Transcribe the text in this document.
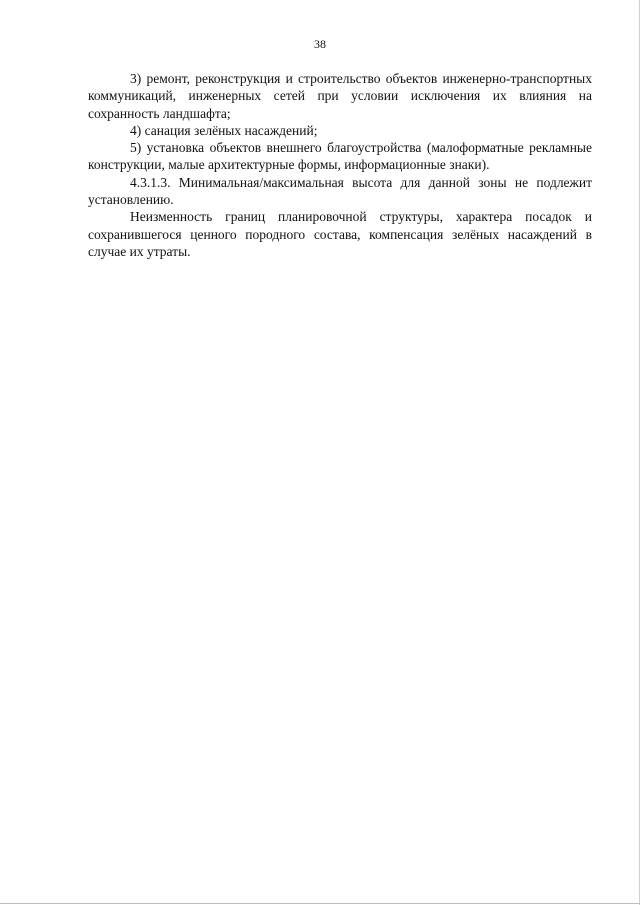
38

3) ремонт, реконструкция и строительство объектов инженерно-транспортных коммуникаций, инженерных сетей при условии исключения их влияния на сохранность ландшафта;

4) санация зелёных насаждений;

5) установка объектов внешнего благоустройства (малоформатные рекламные конструкции, малые архитектурные формы, информационные знаки).

4.3.1.3. Минимальная/максимальная высота для данной зоны не подлежит установлению.

Неизменность границ планировочной структуры, характера посадок и сохранившегося ценного породного состава, компенсация зелёных насаждений в случае их утраты.
